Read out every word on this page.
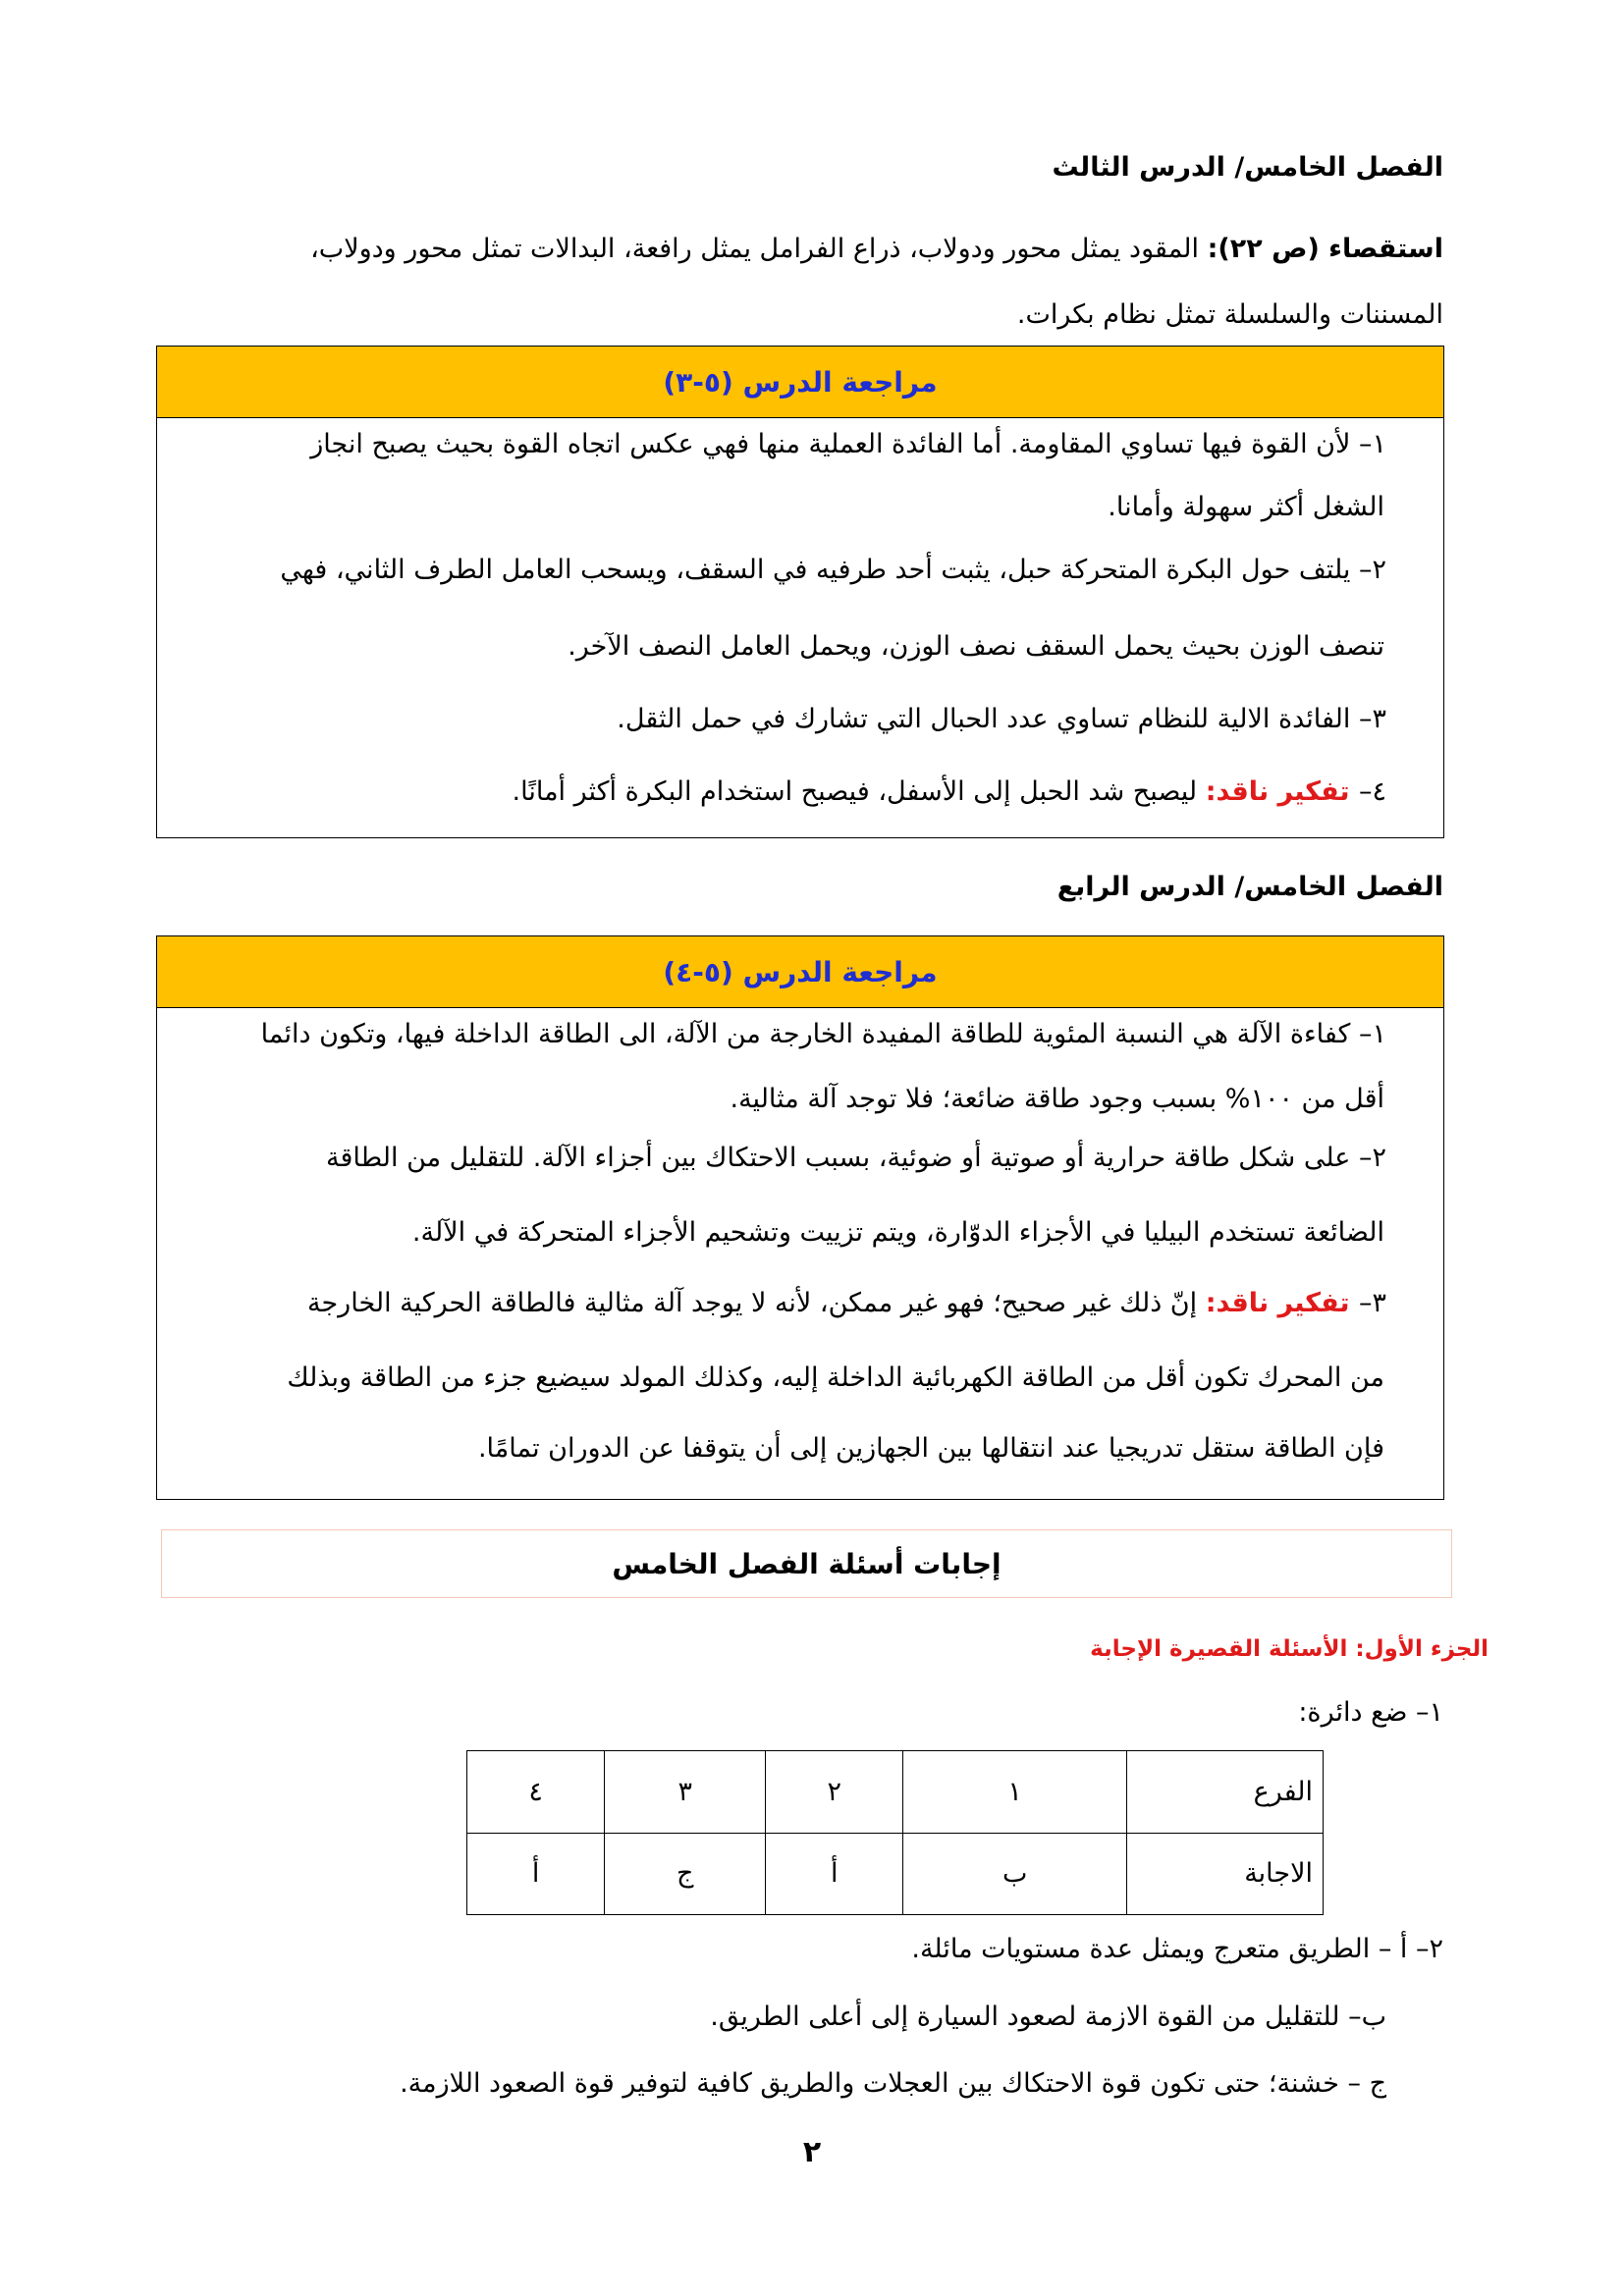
الفصل الخامس/ الدرس الثالث
استقصاء (ص ٢٢): المقود يمثل محور ودولاب، ذراع الفرامل يمثل رافعة، البدالات تمثل محور ودولاب،
المسننات والسلسلة تمثل نظام بكرات.
مراجعة الدرس (٥-٣)
١– لأن القوة فيها تساوي المقاومة. أما الفائدة العملية منها فهي عكس اتجاه القوة بحيث يصبح انجاز
الشغل أكثر سهولة وأمانا.
٢– يلتف حول البكرة المتحركة حبل، يثبت أحد طرفيه في السقف، ويسحب العامل الطرف الثاني، فهي
تنصف الوزن بحيث يحمل السقف نصف الوزن، ويحمل العامل النصف الآخر.
٣– الفائدة الالية للنظام تساوي عدد الحبال التي تشارك في حمل الثقل.
٤– تفكير ناقد: ليصبح شد الحبل إلى الأسفل، فيصبح استخدام البكرة أكثر أمانًا.
الفصل الخامس/ الدرس الرابع
مراجعة الدرس (٥-٤)
١– كفاءة الآلة هي النسبة المئوية للطاقة المفيدة الخارجة من الآلة، الى الطاقة الداخلة فيها، وتكون دائما
أقل من ١٠٠% بسبب وجود طاقة ضائعة؛ فلا توجد آلة مثالية.
٢– على شكل طاقة حرارية أو صوتية أو ضوئية، بسبب الاحتكاك بين أجزاء الآلة. للتقليل من الطاقة
الضائعة تستخدم البيليا في الأجزاء الدوّارة، ويتم تزييت وتشحيم الأجزاء المتحركة في الآلة.
٣– تفكير ناقد: إنّ ذلك غير صحيح؛ فهو غير ممكن، لأنه لا يوجد آلة مثالية فالطاقة الحركية الخارجة
من المحرك تكون أقل من الطاقة الكهربائية الداخلة إليه، وكذلك المولد سيضيع جزء من الطاقة وبذلك
فإن الطاقة ستقل تدريجيا عند انتقالها بين الجهازين إلى أن يتوقفا عن الدوران تمامًا.
إجابات أسئلة الفصل الخامس
الجزء الأول: الأسئلة القصيرة الإجابة
١– ضع دائرة:
الفرع	١	٢	٣	٤
الاجابة	ب	أ	ج	أ
٢– أ – الطريق متعرج ويمثل عدة مستويات مائلة.
ب– للتقليل من القوة الازمة لصعود السيارة إلى أعلى الطريق.
ج – خشنة؛ حتى تكون قوة الاحتكاك بين العجلات والطريق كافية لتوفير قوة الصعود اللازمة.
٢
